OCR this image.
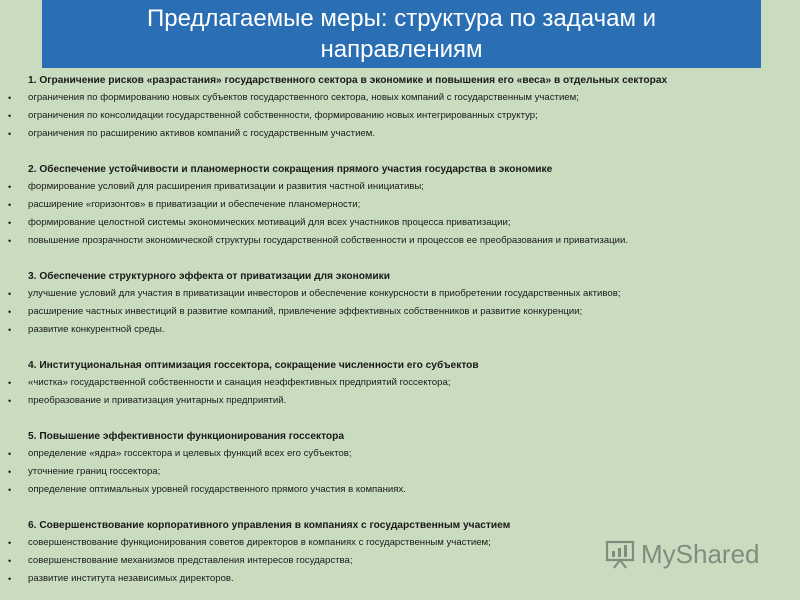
Предлагаемые меры: структура по задачам и направлениям
1. Ограничение рисков «разрастания» государственного сектора в экономике и повышения его «веса» в отдельных секторах
• ограничения по формированию новых субъектов государственного сектора, новых компаний с государственным участием;
• ограничения по консолидации государственной собственности, формированию новых интегрированных структур;
• ограничения по расширению активов компаний с государственным участием.
2. Обеспечение устойчивости и планомерности сокращения прямого участия государства в экономике
• формирование условий для расширения приватизации и развития частной инициативы;
• расширение «горизонтов» в приватизации и обеспечение планомерности;
• формирование целостной системы экономических мотиваций для всех участников процесса приватизации;
• повышение прозрачности экономической структуры государственной собственности и процессов ее преобразования и приватизации.
3. Обеспечение структурного эффекта от приватизации для экономики
• улучшение условий для участия в приватизации инвесторов и обеспечение конкурсности в приобретении государственных активов;
• расширение частных инвестиций в развитие компаний, привлечение эффективных собственников и развитие конкуренции;
• развитие конкурентной среды.
4. Институциональная оптимизация госсектора, сокращение численности его субъектов
• «чистка» государственной собственности и санация неэффективных предприятий госсектора;
• преобразование и приватизация унитарных предприятий.
5. Повышение эффективности функционирования госсектора
• определение «ядра» госсектора и целевых функций всех его субъектов;
• уточнение границ госсектора;
• определение оптимальных уровней государственного прямого участия в компаниях.
6. Совершенствование корпоративного управления в компаниях с государственным участием
• совершенствование функционирования советов директоров в компаниях с государственным участием;
• совершенствование механизмов представления интересов государства;
• развитие института независимых директоров.
MyShared
